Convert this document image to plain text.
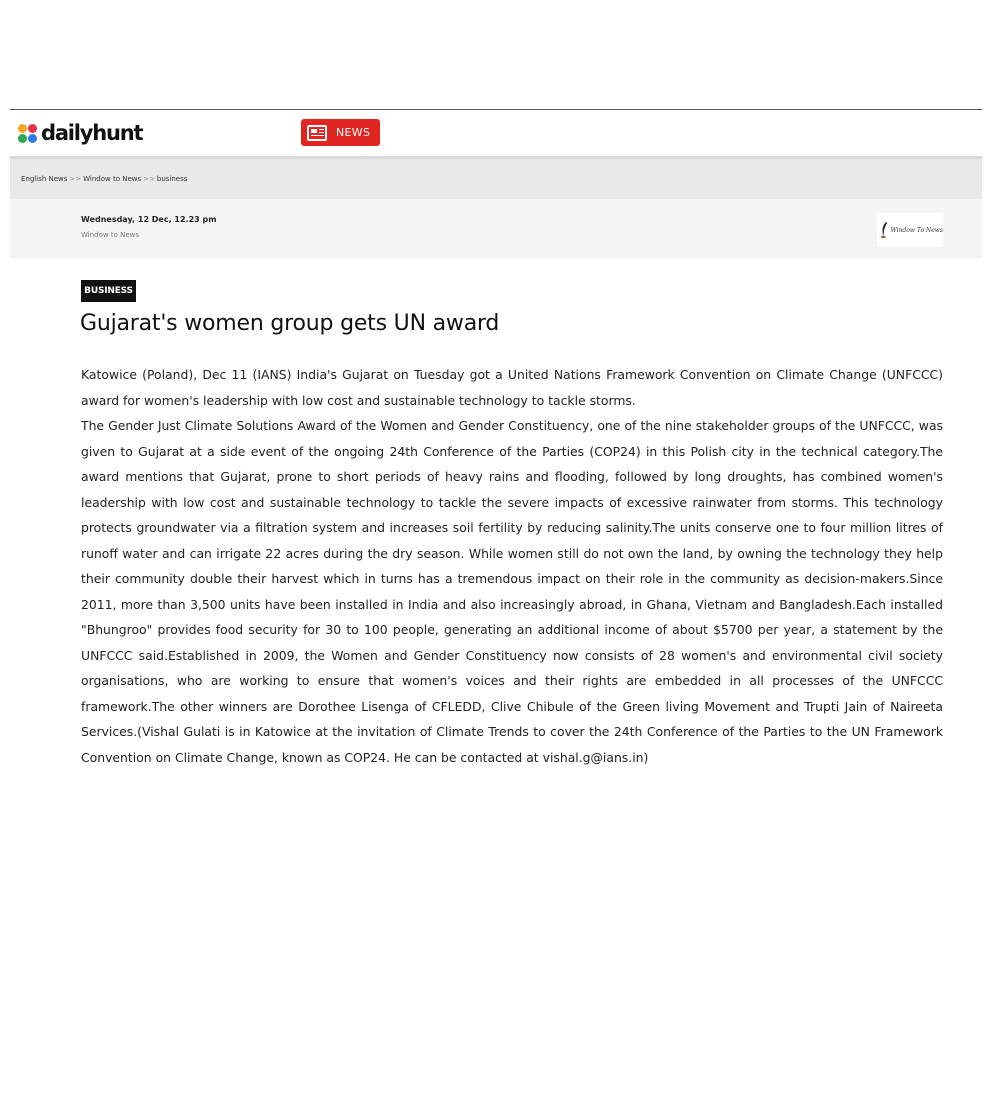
dailyhunt	NEWS
English News >> Window to News >> business
Wednesday, 12 Dec, 12.23 pm
Window to News
Window To News
BUSINESS
Gujarat's women group gets UN award

Katowice (Poland), Dec 11 (IANS) India's Gujarat on Tuesday got a United Nations Framework Convention on Climate Change (UNFCCC) award for women's leadership with low cost and sustainable technology to tackle storms.

The Gender Just Climate Solutions Award of the Women and Gender Constituency, one of the nine stakeholder groups of the UNFCCC, was given to Gujarat at a side event of the ongoing 24th Conference of the Parties (COP24) in this Polish city in the technical category.The award mentions that Gujarat, prone to short periods of heavy rains and flooding, followed by long droughts, has combined women's leadership with low cost and sustainable technology to tackle the severe impacts of excessive rainwater from storms. This technology protects groundwater via a filtration system and increases soil fertility by reducing salinity.The units conserve one to four million litres of runoff water and can irrigate 22 acres during the dry season. While women still do not own the land, by owning the technology they help their community double their harvest which in turns has a tremendous impact on their role in the community as decision-makers.Since 2011, more than 3,500 units have been installed in India and also increasingly abroad, in Ghana, Vietnam and Bangladesh.Each installed "Bhungroo" provides food security for 30 to 100 people, generating an additional income of about $5700 per year, a statement by the UNFCCC said.Established in 2009, the Women and Gender Constituency now consists of 28 women's and environmental civil society organisations, who are working to ensure that women's voices and their rights are embedded in all processes of the UNFCCC framework.The other winners are Dorothee Lisenga of CFLEDD, Clive Chibule of the Green living Movement and Trupti Jain of Naireeta Services.(Vishal Gulati is in Katowice at the invitation of Climate Trends to cover the 24th Conference of the Parties to the UN Framework Convention on Climate Change, known as COP24. He can be contacted at vishal.g@ians.in)
